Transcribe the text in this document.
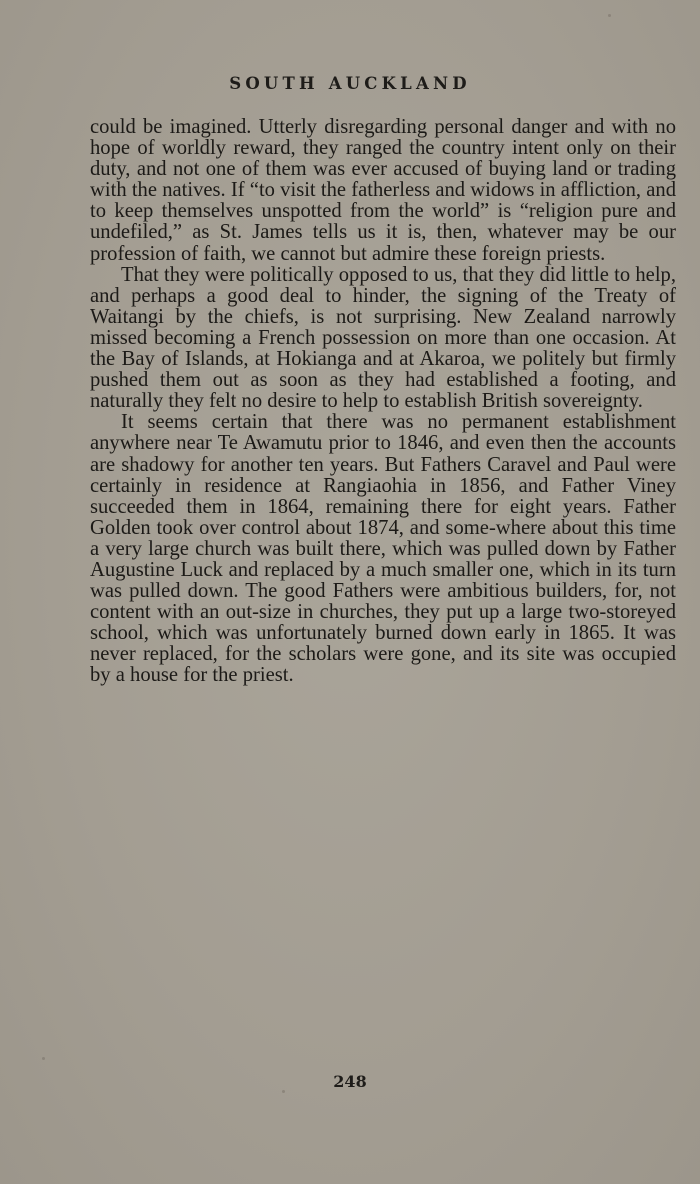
SOUTH AUCKLAND

could be imagined. Utterly disregarding personal danger and with no hope of worldly reward, they ranged the country intent only on their duty, and not one of them was ever accused of buying land or trading with the natives. If “to visit the fatherless and widows in affliction, and to keep themselves unspotted from the world” is “religion pure and undefiled,” as St. James tells us it is, then, whatever may be our profession of faith, we cannot but admire these foreign priests.

That they were politically opposed to us, that they did little to help, and perhaps a good deal to hinder, the signing of the Treaty of Waitangi by the chiefs, is not surprising. New Zealand narrowly missed becoming a French possession on more than one occasion. At the Bay of Islands, at Hokianga and at Akaroa, we politely but firmly pushed them out as soon as they had established a footing, and naturally they felt no desire to help to establish British sovereignty.

It seems certain that there was no permanent establishment anywhere near Te Awamutu prior to 1846, and even then the accounts are shadowy for another ten years. But Fathers Caravel and Paul were certainly in residence at Rangiaohia in 1856, and Father Viney succeeded them in 1864, remaining there for eight years. Father Golden took over control about 1874, and some-where about this time a very large church was built there, which was pulled down by Father Augustine Luck and replaced by a much smaller one, which in its turn was pulled down. The good Fathers were ambitious builders, for, not content with an out-size in churches, they put up a large two-storeyed school, which was unfortunately burned down early in 1865. It was never replaced, for the scholars were gone, and its site was occupied by a house for the priest.

248
